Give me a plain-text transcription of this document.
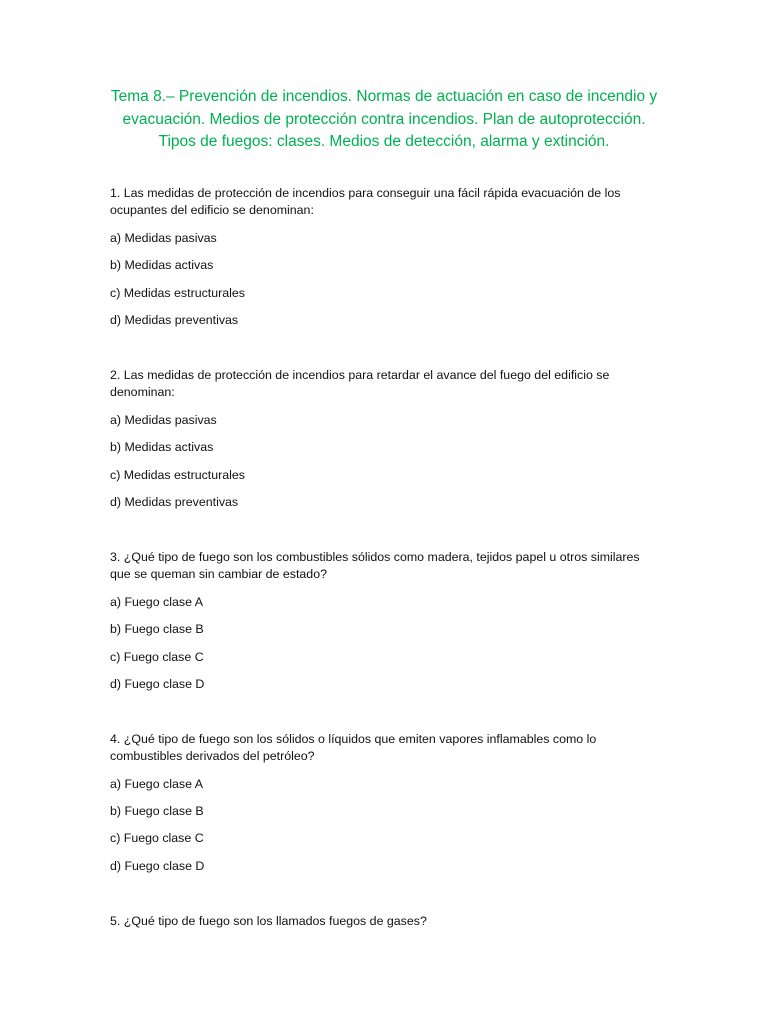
Tema 8.– Prevención de incendios. Normas de actuación en caso de incendio y evacuación. Medios de protección contra incendios. Plan de autoprotección. Tipos de fuegos: clases. Medios de detección, alarma y extinción.
1. Las medidas de protección de incendios para conseguir una fácil rápida evacuación de los ocupantes del edificio se denominan:
a) Medidas pasivas
b) Medidas activas
c) Medidas estructurales
d) Medidas preventivas
2. Las medidas de protección de incendios para retardar el avance del fuego del edificio se denominan:
a) Medidas pasivas
b) Medidas activas
c) Medidas estructurales
d) Medidas preventivas
3. ¿Qué tipo de fuego son los combustibles sólidos como madera, tejidos papel u otros similares que se queman sin cambiar de estado?
a) Fuego clase A
b) Fuego clase B
c) Fuego clase C
d) Fuego clase D
4. ¿Qué tipo de fuego son los sólidos o líquidos que emiten vapores inflamables como lo combustibles derivados del petróleo?
a) Fuego clase A
b) Fuego clase B
c) Fuego clase C
d) Fuego clase D
5. ¿Qué tipo de fuego son los llamados fuegos de gases?
